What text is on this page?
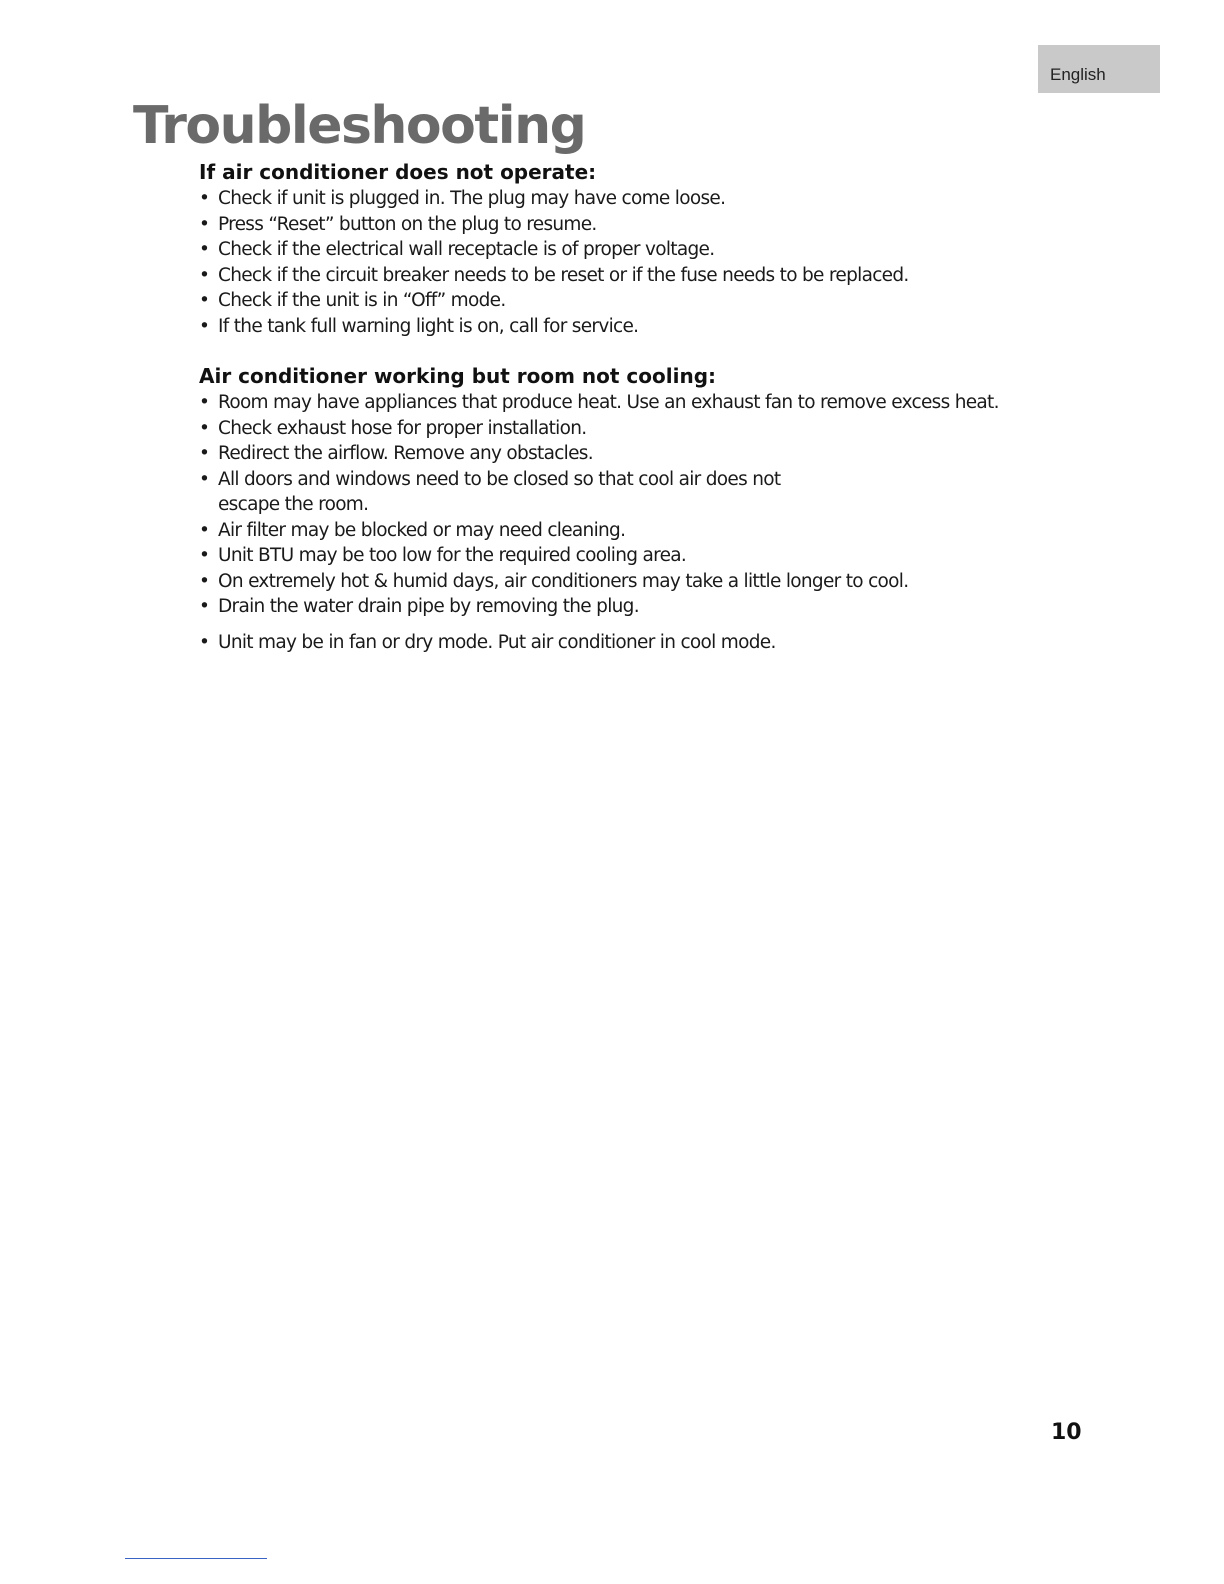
English
Troubleshooting
If air conditioner does not operate:
• Check if unit is plugged in. The plug may have come loose.
• Press “Reset” button on the plug to resume.
• Check if the electrical wall receptacle is of proper voltage.
• Check if the circuit breaker needs to be reset or if the fuse needs to be replaced.
• Check if the unit is in “Off” mode.
• If the tank full warning light is on, call for service.
Air conditioner working but room not cooling:
• Room may have appliances that produce heat. Use an exhaust fan to remove excess heat.
• Check exhaust hose for proper installation.
• Redirect the airflow. Remove any obstacles.
• All doors and windows need to be closed so that cool air does not escape the room.
• Air filter may be blocked or may need cleaning.
• Unit BTU may be too low for the required cooling area.
• On extremely hot & humid days, air conditioners may take a little longer to cool.
• Drain the water drain pipe by removing the plug.
• Unit may be in fan or dry mode. Put air conditioner in cool mode.
10
